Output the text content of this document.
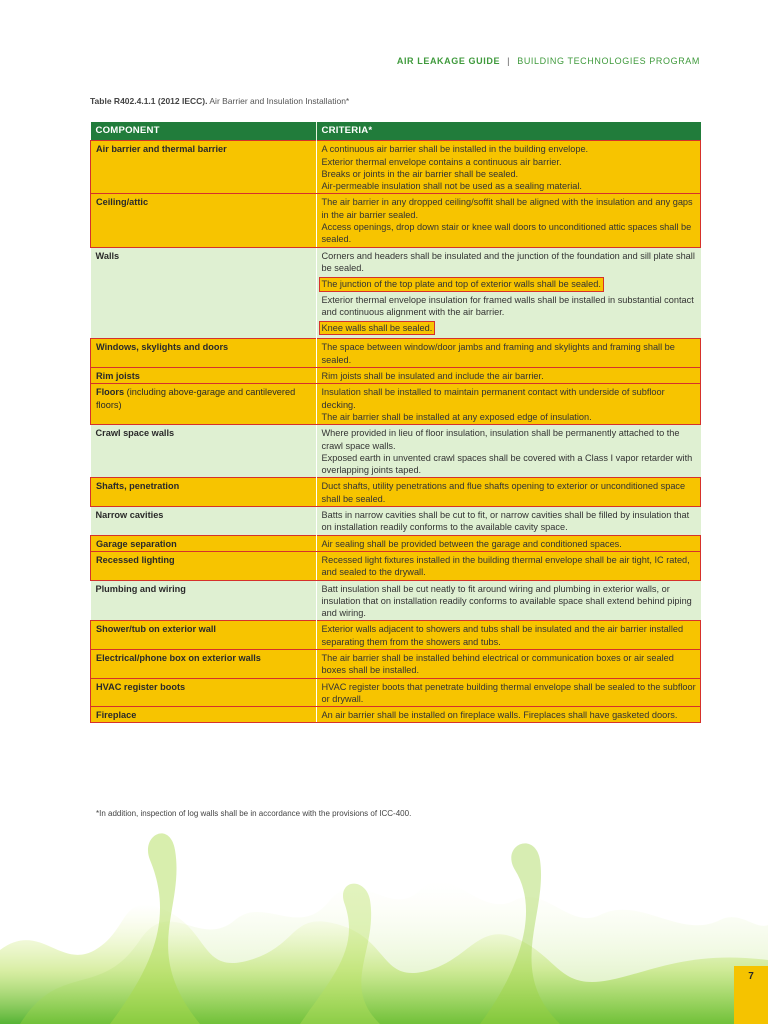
AIR LEAKAGE GUIDE | BUILDING TECHNOLOGIES PROGRAM
Table R402.4.1.1 (2012 IECC). Air Barrier and Insulation Installation*
COMPONENT	CRITERIA*
Air barrier and thermal barrier	A continuous air barrier shall be installed in the building envelope.
Exterior thermal envelope contains a continuous air barrier.
Breaks or joints in the air barrier shall be sealed.
Air-permeable insulation shall not be used as a sealing material.

Ceiling/attic	The air barrier in any dropped ceiling/soffit shall be aligned with the insulation and any gaps in the air barrier sealed.
Access openings, drop down stair or knee wall doors to unconditioned attic spaces shall be sealed.

Walls	Corners and headers shall be insulated and the junction of the foundation and sill plate shall be sealed.
The junction of the top plate and top of exterior walls shall be sealed.
Exterior thermal envelope insulation for framed walls shall be installed in substantial contact and continuous alignment with the air barrier.
Knee walls shall be sealed.
Windows, skylights and doors	The space between window/door jambs and framing and skylights and framing shall be sealed.

Rim joists	Rim joists shall be insulated and include the air barrier.

Floors (including above-garage and cantilevered floors)	Insulation shall be installed to maintain permanent contact with underside of subfloor decking.
The air barrier shall be installed at any exposed edge of insulation.

Crawl space walls	Where provided in lieu of floor insulation, insulation shall be permanently attached to the crawl space walls.
Exposed earth in unvented crawl spaces shall be covered with a Class I vapor retarder with overlapping joints taped.

Shafts, penetration	Duct shafts, utility penetrations and flue shafts opening to exterior or unconditioned space shall be sealed.

Narrow cavities	Batts in narrow cavities shall be cut to fit, or narrow cavities shall be filled by insulation that on installation readily conforms to the available cavity space.

Garage separation	Air sealing shall be provided between the garage and conditioned spaces.

Recessed lighting	Recessed light fixtures installed in the building thermal envelope shall be air tight, IC rated, and sealed to the drywall.

Plumbing and wiring	Batt insulation shall be cut neatly to fit around wiring and plumbing in exterior walls, or insulation that on installation readily conforms to available space shall extend behind piping and wiring.

Shower/tub on exterior wall	Exterior walls adjacent to showers and tubs shall be insulated and the air barrier installed separating them from the showers and tubs.

Electrical/phone box on exterior walls	The air barrier shall be installed behind electrical or communication boxes or air sealed boxes shall be installed.

HVAC register boots	HVAC register boots that penetrate building thermal envelope shall be sealed to the subfloor or drywall.

Fireplace	An air barrier shall be installed on fireplace walls. Fireplaces shall have gasketed doors.
*In addition, inspection of log walls shall be in accordance with the provisions of ICC-400.
7
